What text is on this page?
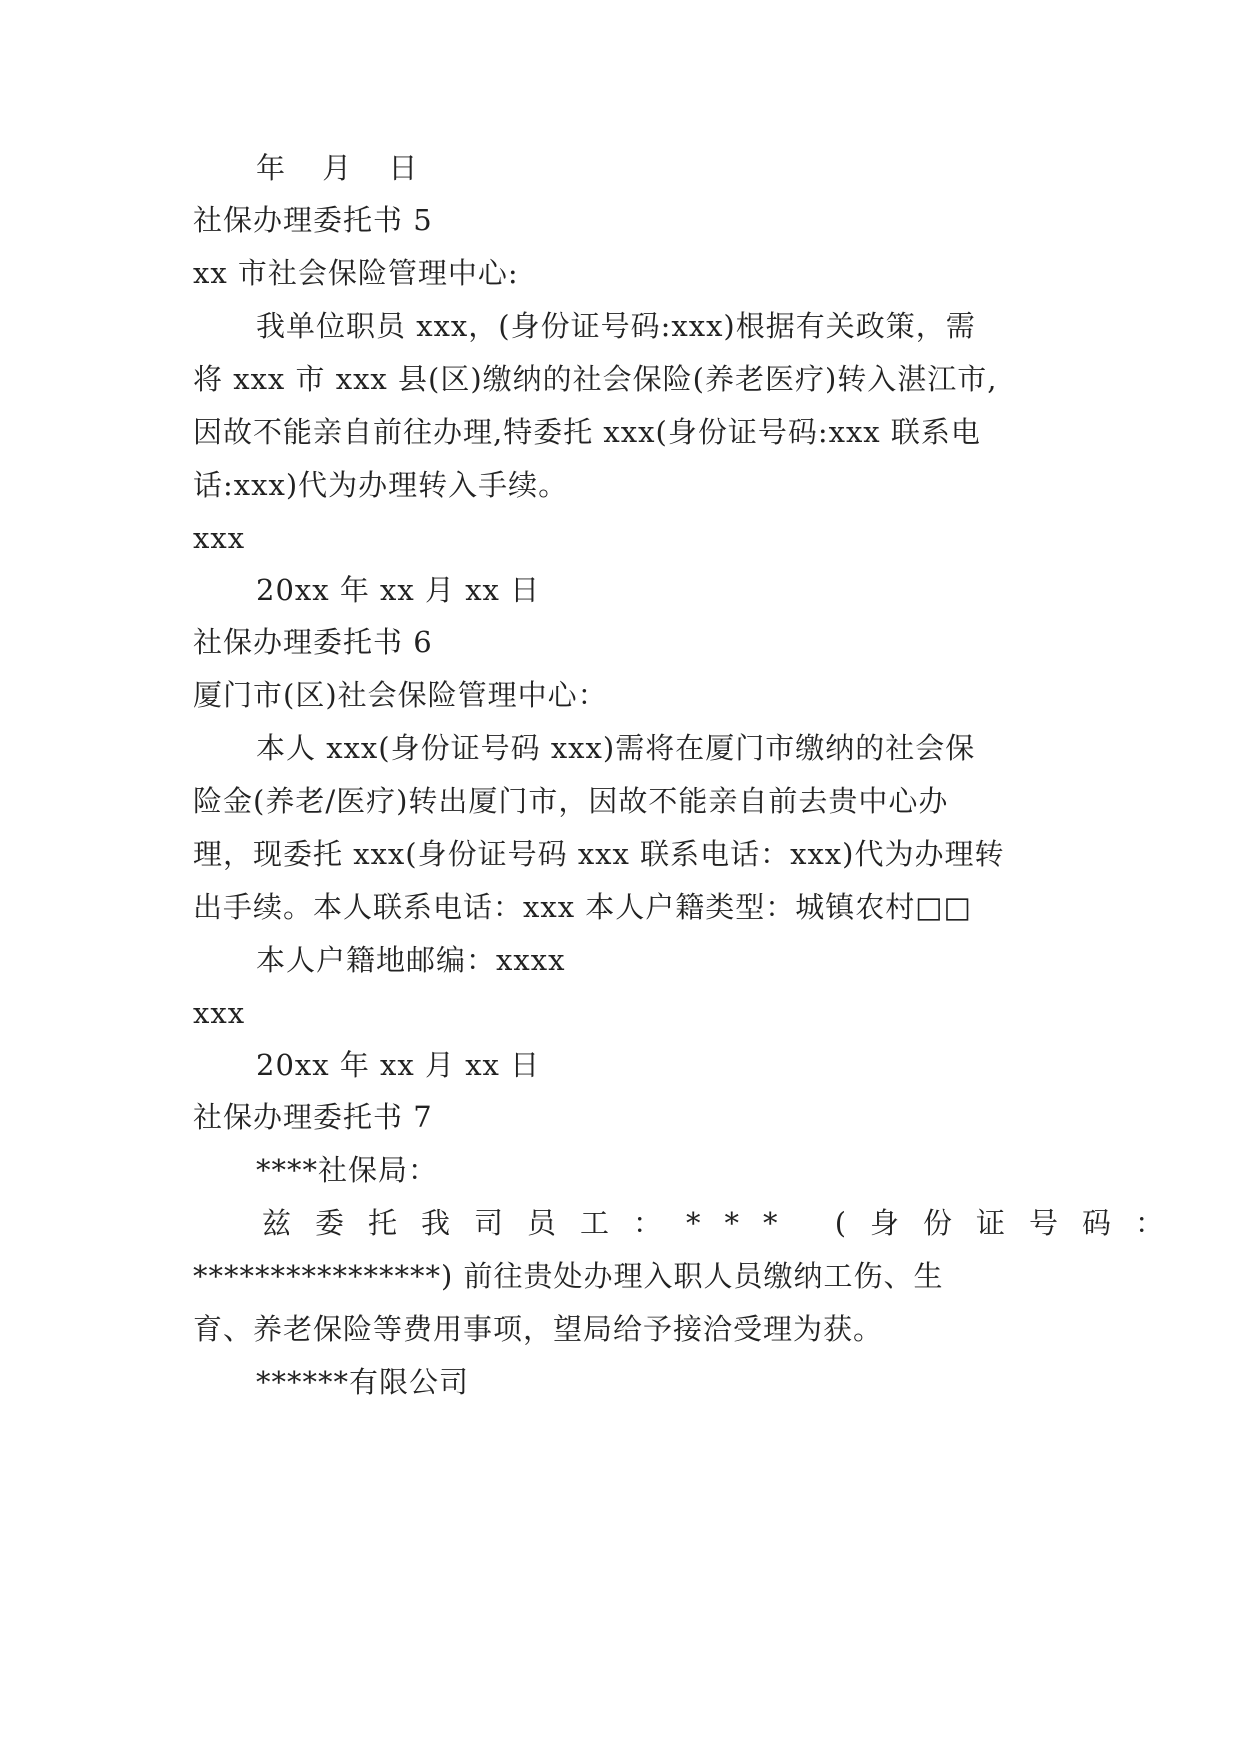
年 月 日
社保办理委托书 5
xx 市社会保险管理中心:
我单位职员 xxx，(身份证号码:xxx)根据有关政策，需
将 xxx 市 xxx 县(区)缴纳的社会保险(养老医疗)转入湛江市,
因故不能亲自前往办理,特委托 xxx(身份证号码:xxx 联系电
话:xxx)代为办理转入手续。
xxx
20xx 年 xx 月 xx 日
社保办理委托书 6
厦门市(区)社会保险管理中心：
本人 xxx(身份证号码 xxx)需将在厦门市缴纳的社会保
险金(养老/医疗)转出厦门市，因故不能亲自前去贵中心办
理，现委托 xxx(身份证号码 xxx 联系电话：xxx)代为办理转
出手续。本人联系电话：xxx 本人户籍类型：城镇农村□□
本人户籍地邮编：xxxx
xxx
20xx 年 xx 月 xx 日
社保办理委托书 7
****社保局：
兹委托我司员工：*** (身份证号码：
****************) 前往贵处办理入职人员缴纳工伤、生
育、养老保险等费用事项，望局给予接洽受理为获。
******有限公司
